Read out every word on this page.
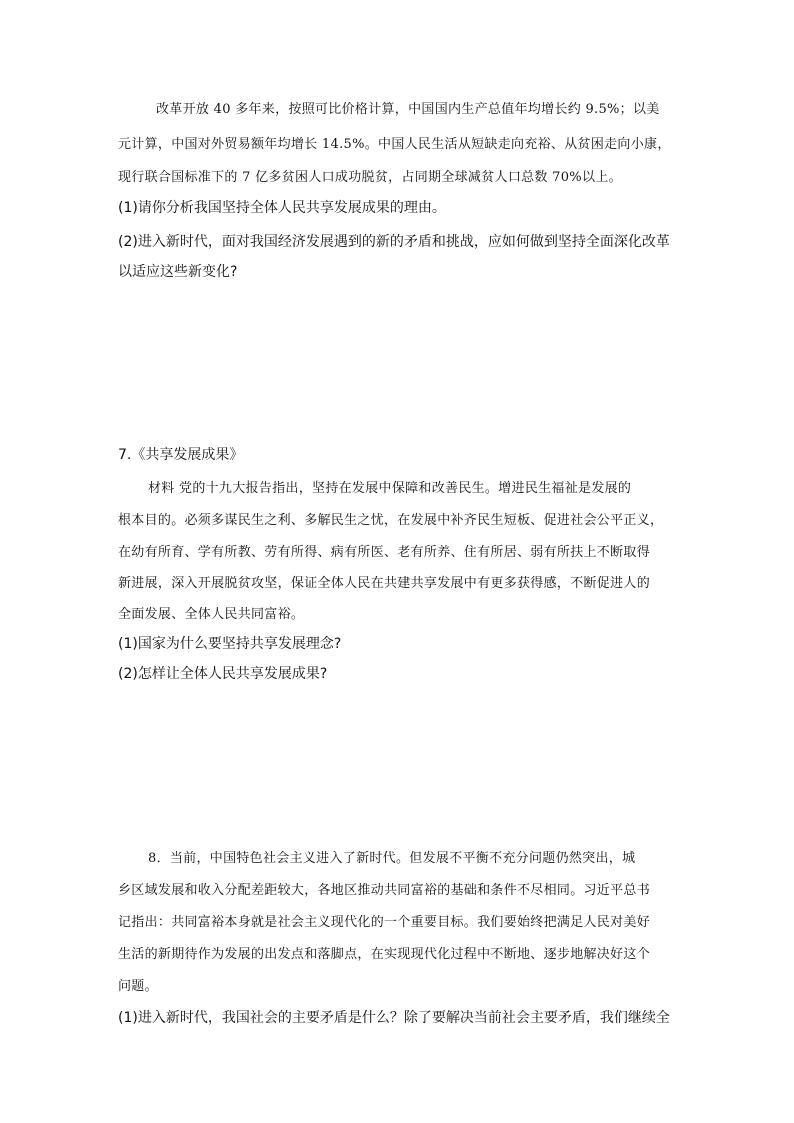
改革开放 40 多年来，按照可比价格计算，中国国内生产总值年均增长约 9.5%；以美
元计算，中国对外贸易额年均增长 14.5%。中国人民生活从短缺走向充裕、从贫困走向小康，
现行联合国标准下的 7 亿多贫困人口成功脱贫，占同期全球减贫人口总数 70%以上。
(1)请你分析我国坚持全体人民共享发展成果的理由。
(2)进入新时代，面对我国经济发展遇到的新的矛盾和挑战，应如何做到坚持全面深化改革
以适应这些新变化?
7.《共享发展成果》
材料 党的十九大报告指出，坚持在发展中保障和改善民生。增进民生福祉是发展的
根本目的。必须多谋民生之利、多解民生之忧，在发展中补齐民生短板、促进社会公平正义，
在幼有所育、学有所教、劳有所得、病有所医、老有所养、住有所居、弱有所扶上不断取得
新进展，深入开展脱贫攻坚，保证全体人民在共建共享发展中有更多获得感，不断促进人的
全面发展、全体人民共同富裕。
(1)国家为什么要坚持共享发展理念?
(2)怎样让全体人民共享发展成果?
8．当前，中国特色社会主义进入了新时代。但发展不平衡不充分问题仍然突出，城
乡区域发展和收入分配差距较大，各地区推动共同富裕的基础和条件不尽相同。习近平总书
记指出：共同富裕本身就是社会主义现代化的一个重要目标。我们要始终把满足人民对美好
生活的新期待作为发展的出发点和落脚点，在实现现代化过程中不断地、逐步地解决好这个
问题。
(1)进入新时代，我国社会的主要矛盾是什么？除了要解决当前社会主要矛盾，我们继续全
